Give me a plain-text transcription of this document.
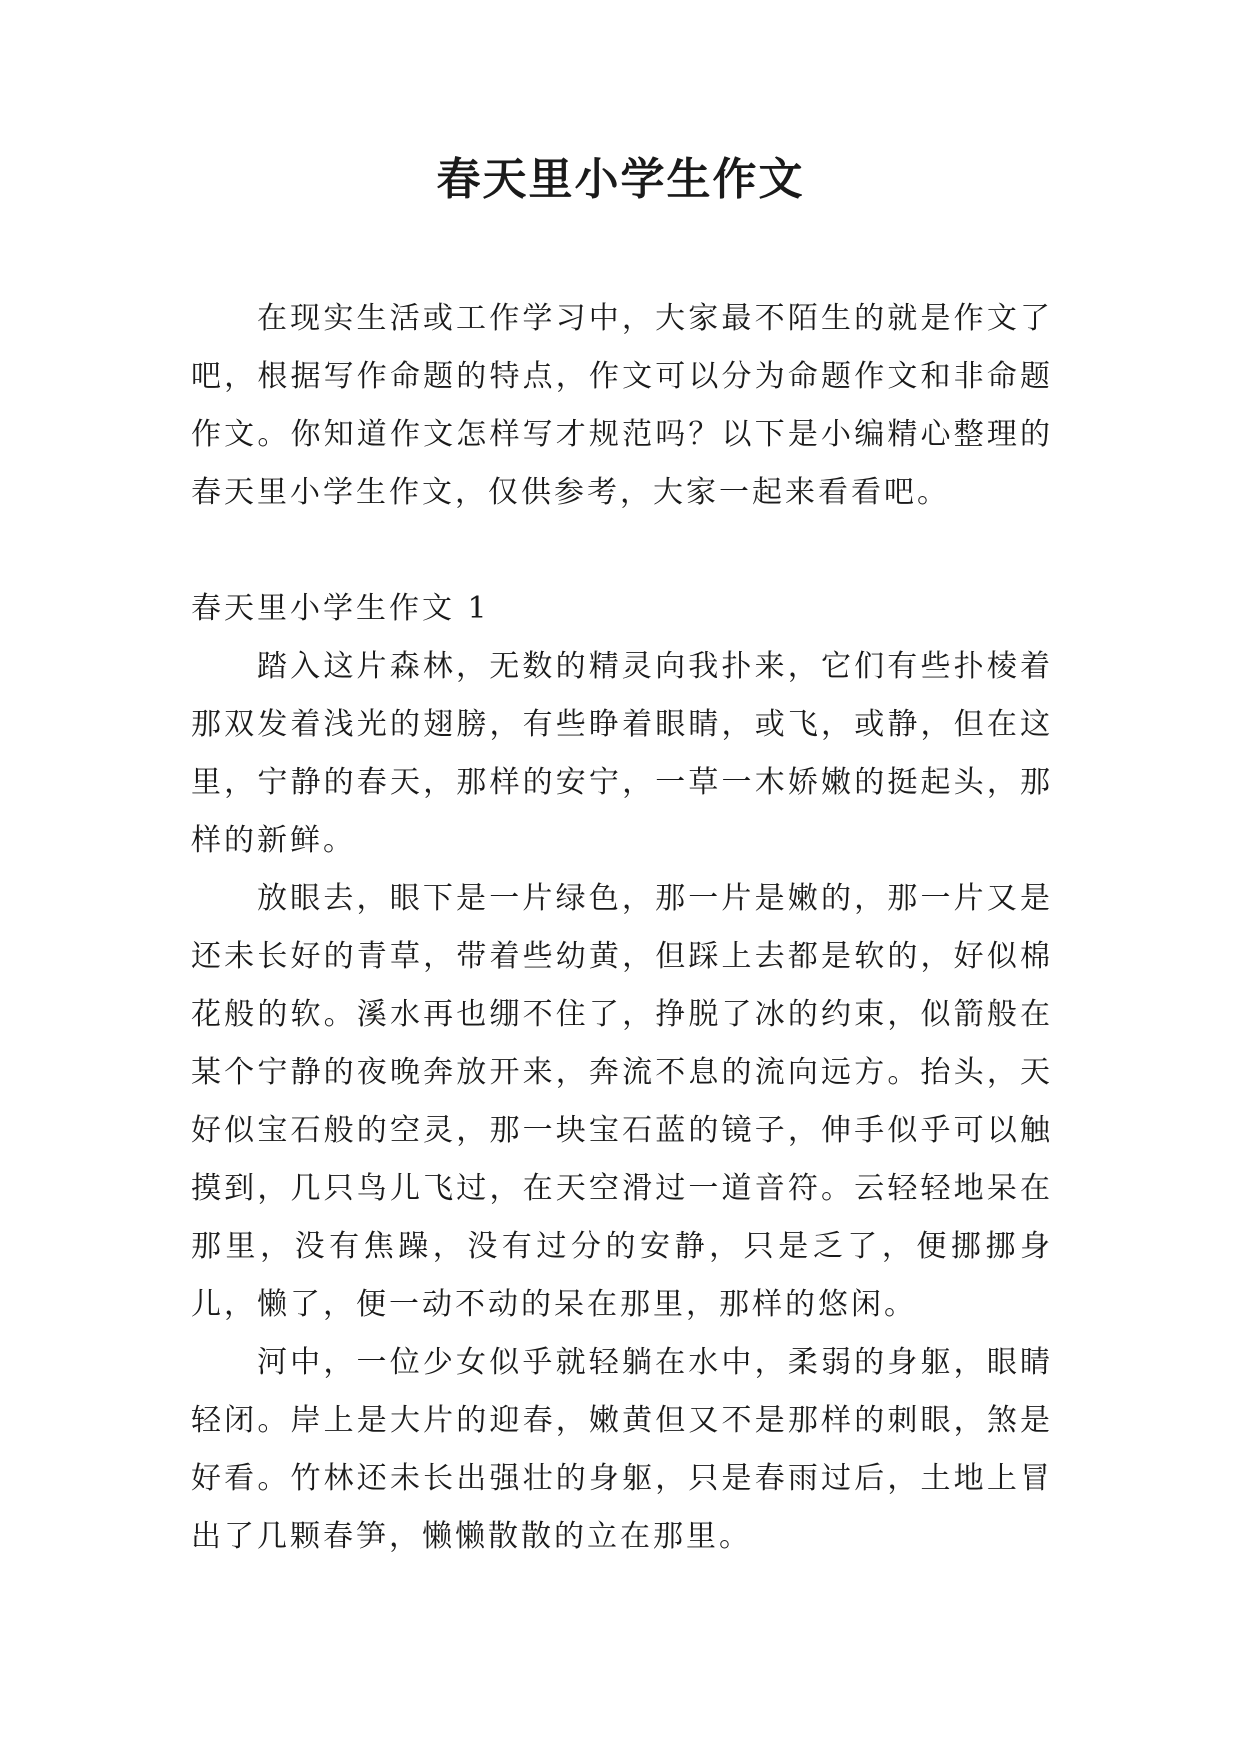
春天里小学生作文

在现实生活或工作学习中，大家最不陌生的就是作文了吧，根据写作命题的特点，作文可以分为命题作文和非命题作文。你知道作文怎样写才规范吗？以下是小编精心整理的春天里小学生作文，仅供参考，大家一起来看看吧。

春天里小学生作文 1

踏入这片森林，无数的精灵向我扑来，它们有些扑棱着那双发着浅光的翅膀，有些睁着眼睛，或飞，或静，但在这里，宁静的春天，那样的安宁，一草一木娇嫩的挺起头，那样的新鲜。

放眼去，眼下是一片绿色，那一片是嫩的，那一片又是还未长好的青草，带着些幼黄，但踩上去都是软的，好似棉花般的软。溪水再也绷不住了，挣脱了冰的约束，似箭般在某个宁静的夜晚奔放开来，奔流不息的流向远方。抬头，天好似宝石般的空灵，那一块宝石蓝的镜子，伸手似乎可以触摸到，几只鸟儿飞过，在天空滑过一道音符。云轻轻地呆在那里，没有焦躁，没有过分的安静，只是乏了，便挪挪身儿，懒了，便一动不动的呆在那里，那样的悠闲。

河中，一位少女似乎就轻躺在水中，柔弱的身躯，眼睛轻闭。岸上是大片的迎春，嫩黄但又不是那样的刺眼，煞是好看。竹林还未长出强壮的身躯，只是春雨过后，土地上冒出了几颗春笋，懒懒散散的立在那里。
